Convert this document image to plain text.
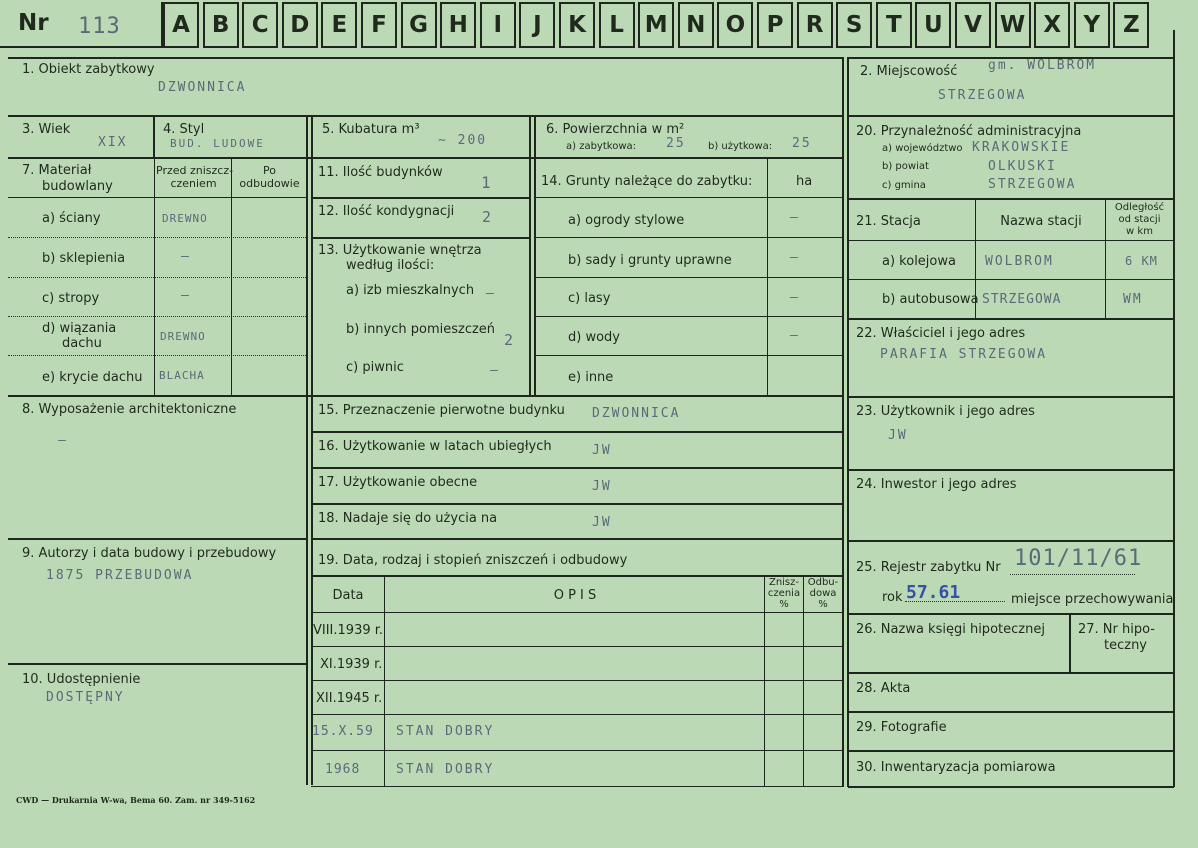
Nr 113	A B C D E	F G H	I	J	K	L M N O P R S	T U V W X Y Z
1. Obiekt zabytkowy
DZWONNICA
2. Miejscowość gm. WOLBROM
STRZEGOWA
3. Wiek
XIX
4. Styl
BUD. LUDOWE
5. Kubatura m³
~ 200
6. Powierzchnia w m²
a) zabytkowa: 25 b) użytkowa: 25
7. Materiał
budowlany
Przed zniszcz-
czeniem
Po
odbudowie
a) ściany	DREWNO
b) sklepienia	—
c) stropy	—
d) wiązania
dachu	DREWNO
e) krycie dachu BLACHA
8. Wyposażenie architektoniczne
—
9. Autorzy i data budowy i przebudowy
1875 PRZEBUDOWA
10. Udostępnienie
DOSTĘPNY
11. Ilość budynków
1
12. Ilość kondygnacji 2
13. Użytkowanie wnętrza
według ilości:
a) izb mieszkalnych —
b) innych pomieszczeń
2
c) piwnic	—
14. Grunty należące do zabytku:	ha
a) ogrody stylowe	—
b) sady i grunty uprawne	—
c) lasy	—
d) wody	—
e) inne
15. Przeznaczenie pierwotne budynku DZWONNICA
16. Użytkowanie w latach ubiegłych	JW
17. Użytkowanie obecne	JW
18. Nadaje się do użycia na	JW
19. Data, rodzaj i stopień zniszczeń i odbudowy
Data	O P I S
Znisz-
czenia
%
Odbu-
dowa
%
VIII.1939 r.
XI.1939 r.
XII.1945 r.
15.X.59 STAN DOBRY
1968	STAN DOBRY
20. Przynależność administracyjna
a) województwo KRAKOWSKIE
b) powiat	OLKUSKI
c) gmina	STRZEGOWA
21. Stacja	Nazwa stacji
Odległość
od stacji
w km
a) kolejowa WOLBROM	6 KM
b) autobusowa STRZEGOWA	WM
22. Właściciel i jego adres
PARAFIA STRZEGOWA
23. Użytkownik i jego adres
JW
24. Inwestor i jego adres
25. Rejestr zabytku Nr 101/11/61
rok 57.61	miejsce przechowywania
26. Nazwa księgi hipotecznej	27. Nr hipo-
teczny
28. Akta
29. Fotografie
30. Inwentaryzacja pomiarowa
CWD — Drukarnia W-wa, Bema 60. Zam. nr 349-5162
